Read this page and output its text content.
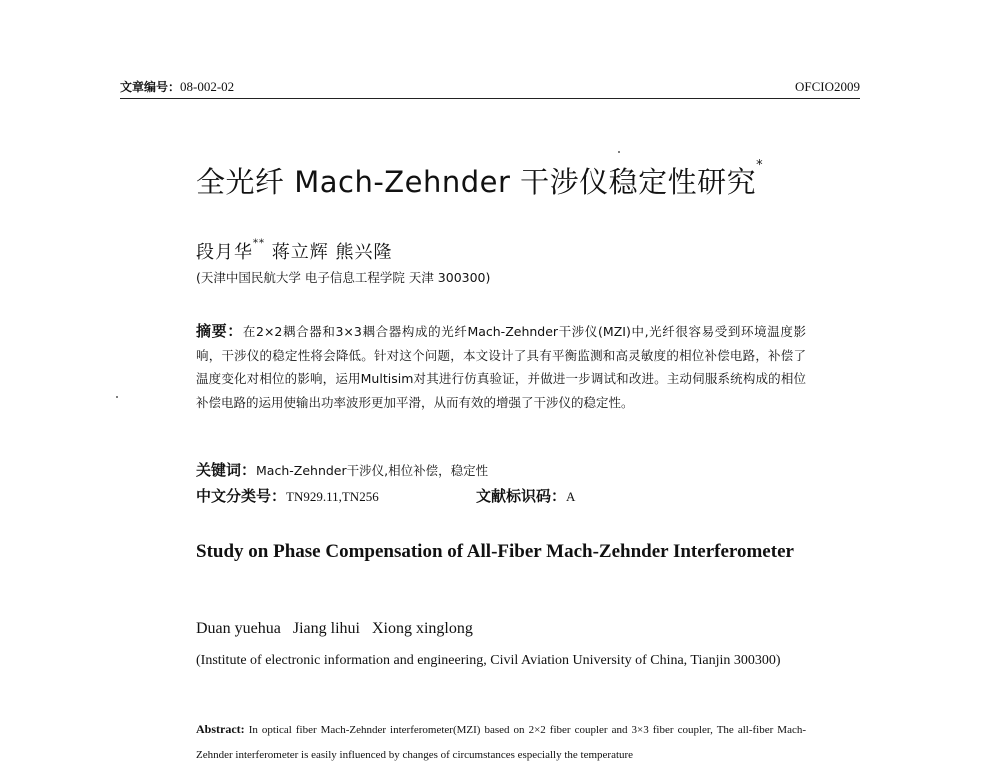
文章编号：08-002-02	OFCIO2009
全光纤 Mach-Zehnder 干涉仪稳定性研究*
段月华** 蒋立辉 熊兴隆
(天津中国民航大学 电子信息工程学院 天津 300300)
摘要：在2×2耦合器和3×3耦合器构成的光纤Mach-Zehnder干涉仪(MZI)中,光纤很容易受到环境温度影响，干涉仪的稳定性将会降低。针对这个问题，本文设计了具有平衡监测和高灵敏度的相位补偿电路，补偿了温度变化对相位的影响，运用Multisim对其进行仿真验证，并做进一步调试和改进。主动伺服系统构成的相位补偿电路的运用使输出功率波形更加平滑，从而有效的增强了干涉仪的稳定性。
关键词：Mach-Zehnder干涉仪,相位补偿，稳定性
中文分类号：TN929.11,TN256	文献标识码：A
Study on Phase Compensation of All-Fiber Mach-Zehnder Interferometer
Duan yuehua   Jiang lihui   Xiong xinglong
(Institute of electronic information and engineering, Civil Aviation University of China, Tianjin 300300)
Abstract: In optical fiber Mach-Zehnder interferometer(MZI) based on 2×2 fiber coupler and 3×3 fiber coupler, The all-fiber Mach-Zehnder interferometer is easily influenced by changes of circumstances especially the temperature
